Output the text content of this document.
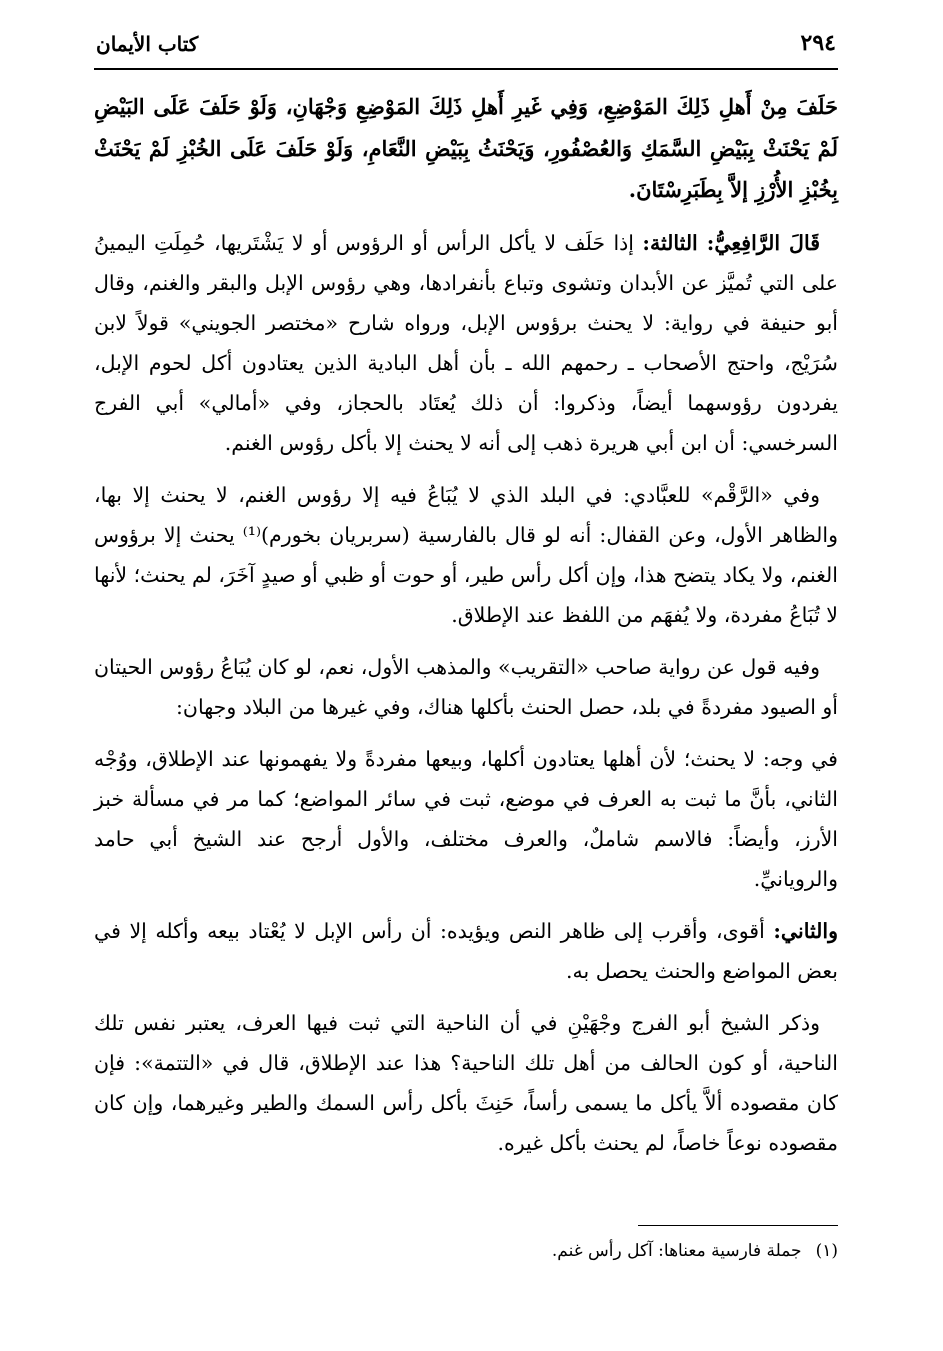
٢٩٤
كتاب الأيمان

حَلَفَ مِنْ أَهلِ ذَلِكَ المَوْضِعِ، وَفِي غَيرِ أَهلِ ذَلِكَ المَوْضِعِ وَجْهَانِ، وَلَوْ حَلَفَ عَلَى البَيْضِ لَمْ يَحْنَثْ بِبَيْضِ السَّمَكِ وَالعُصْفُورِ، وَيَحْنَثُ بِبَيْضِ النَّعَامِ، وَلَوْ حَلَفَ عَلَى الخُبْزِ لَمْ يَحْنَثْ بِخُبْزِ الأُرْزِ إلاَّ بِطَبَرِسْتَانَ.

قَالَ الرَّافِعِيُّ: الثالثة: إذا حَلَف لا يأكل الرأس أو الرؤوس أو لا يَشْتَريها، حُمِلَتِ اليمينُ على التي تُميَّز عن الأبدان وتشوى وتباع بأنفرادها، وهي رؤوس الإبل والبقر والغنم، وقال أبو حنيفة في رواية: لا يحنث برؤوس الإبل، ورواه شارح «مختصر الجويني» قولاً لابن سُرَيْج، واحتج الأصحاب ـ رحمهم الله ـ بأن أهل البادية الذين يعتادون أكل لحوم الإبل، يفردون رؤوسهما أيضاً، وذكروا: أن ذلك يُعتَاد بالحجاز، وفي «أمالي» أبي الفرج السرخسي: أن ابن أبي هريرة ذهب إلى أنه لا يحنث إلا بأكل رؤوس الغنم.

وفي «الرَّقْم» للعبَّادي: في البلد الذي لا يُبَاعُ فيه إلا رؤوس الغنم، لا يحنث إلا بها، والظاهر الأول، وعن القفال: أنه لو قال بالفارسية (سربريان بخورم)⁽¹⁾ يحنث إلا برؤوس الغنم، ولا يكاد يتضح هذا، وإن أكل رأس طير، أو حوت أو ظبي أو صيدٍ آخَرَ، لم يحنث؛ لأنها لا تُبَاعُ مفردة، ولا يُفهَم من اللفظ عند الإطلاق.

وفيه قول عن رواية صاحب «التقريب» والمذهب الأول، نعم، لو كان يُبَاعُ رؤوس الحيتان أو الصيود مفردةً في بلد، حصل الحنث بأكلها هناك، وفي غيرها من البلاد وجهان:

في وجه: لا يحنث؛ لأن أهلها يعتادون أكلها، وبيعها مفردةً ولا يفهمونها عند الإطلاق، ووُجْه الثاني، بأنَّ ما ثبت به العرف في موضع، ثبت في سائر المواضع؛ كما مر في مسألة خبز الأرز، وأيضاً: فالاسم شاملٌ، والعرف مختلف، والأول أرجح عند الشيخ أبي حامد والرويانيِّ.

والثاني: أقوى، وأقرب إلى ظاهر النص ويؤيده: أن رأس الإبل لا يُعْتاد بيعه وأكله إلا في بعض المواضع والحنث يحصل به.

وذكر الشيخ أبو الفرج وجْهَيْنِ في أن الناحية التي ثبت فيها العرف، يعتبر نفس تلك الناحية، أو كون الحالف من أهل تلك الناحية؟ هذا عند الإطلاق، قال في «التتمة»: فإن كان مقصوده ألاَّ يأكل ما يسمى رأساً، حَنِثَ بأكل رأس السمك والطير وغيرهما، وإن كان مقصوده نوعاً خاصاً، لم يحنث بأكل غيره.

(١)جملة فارسية معناها: آكل رأس غنم.
